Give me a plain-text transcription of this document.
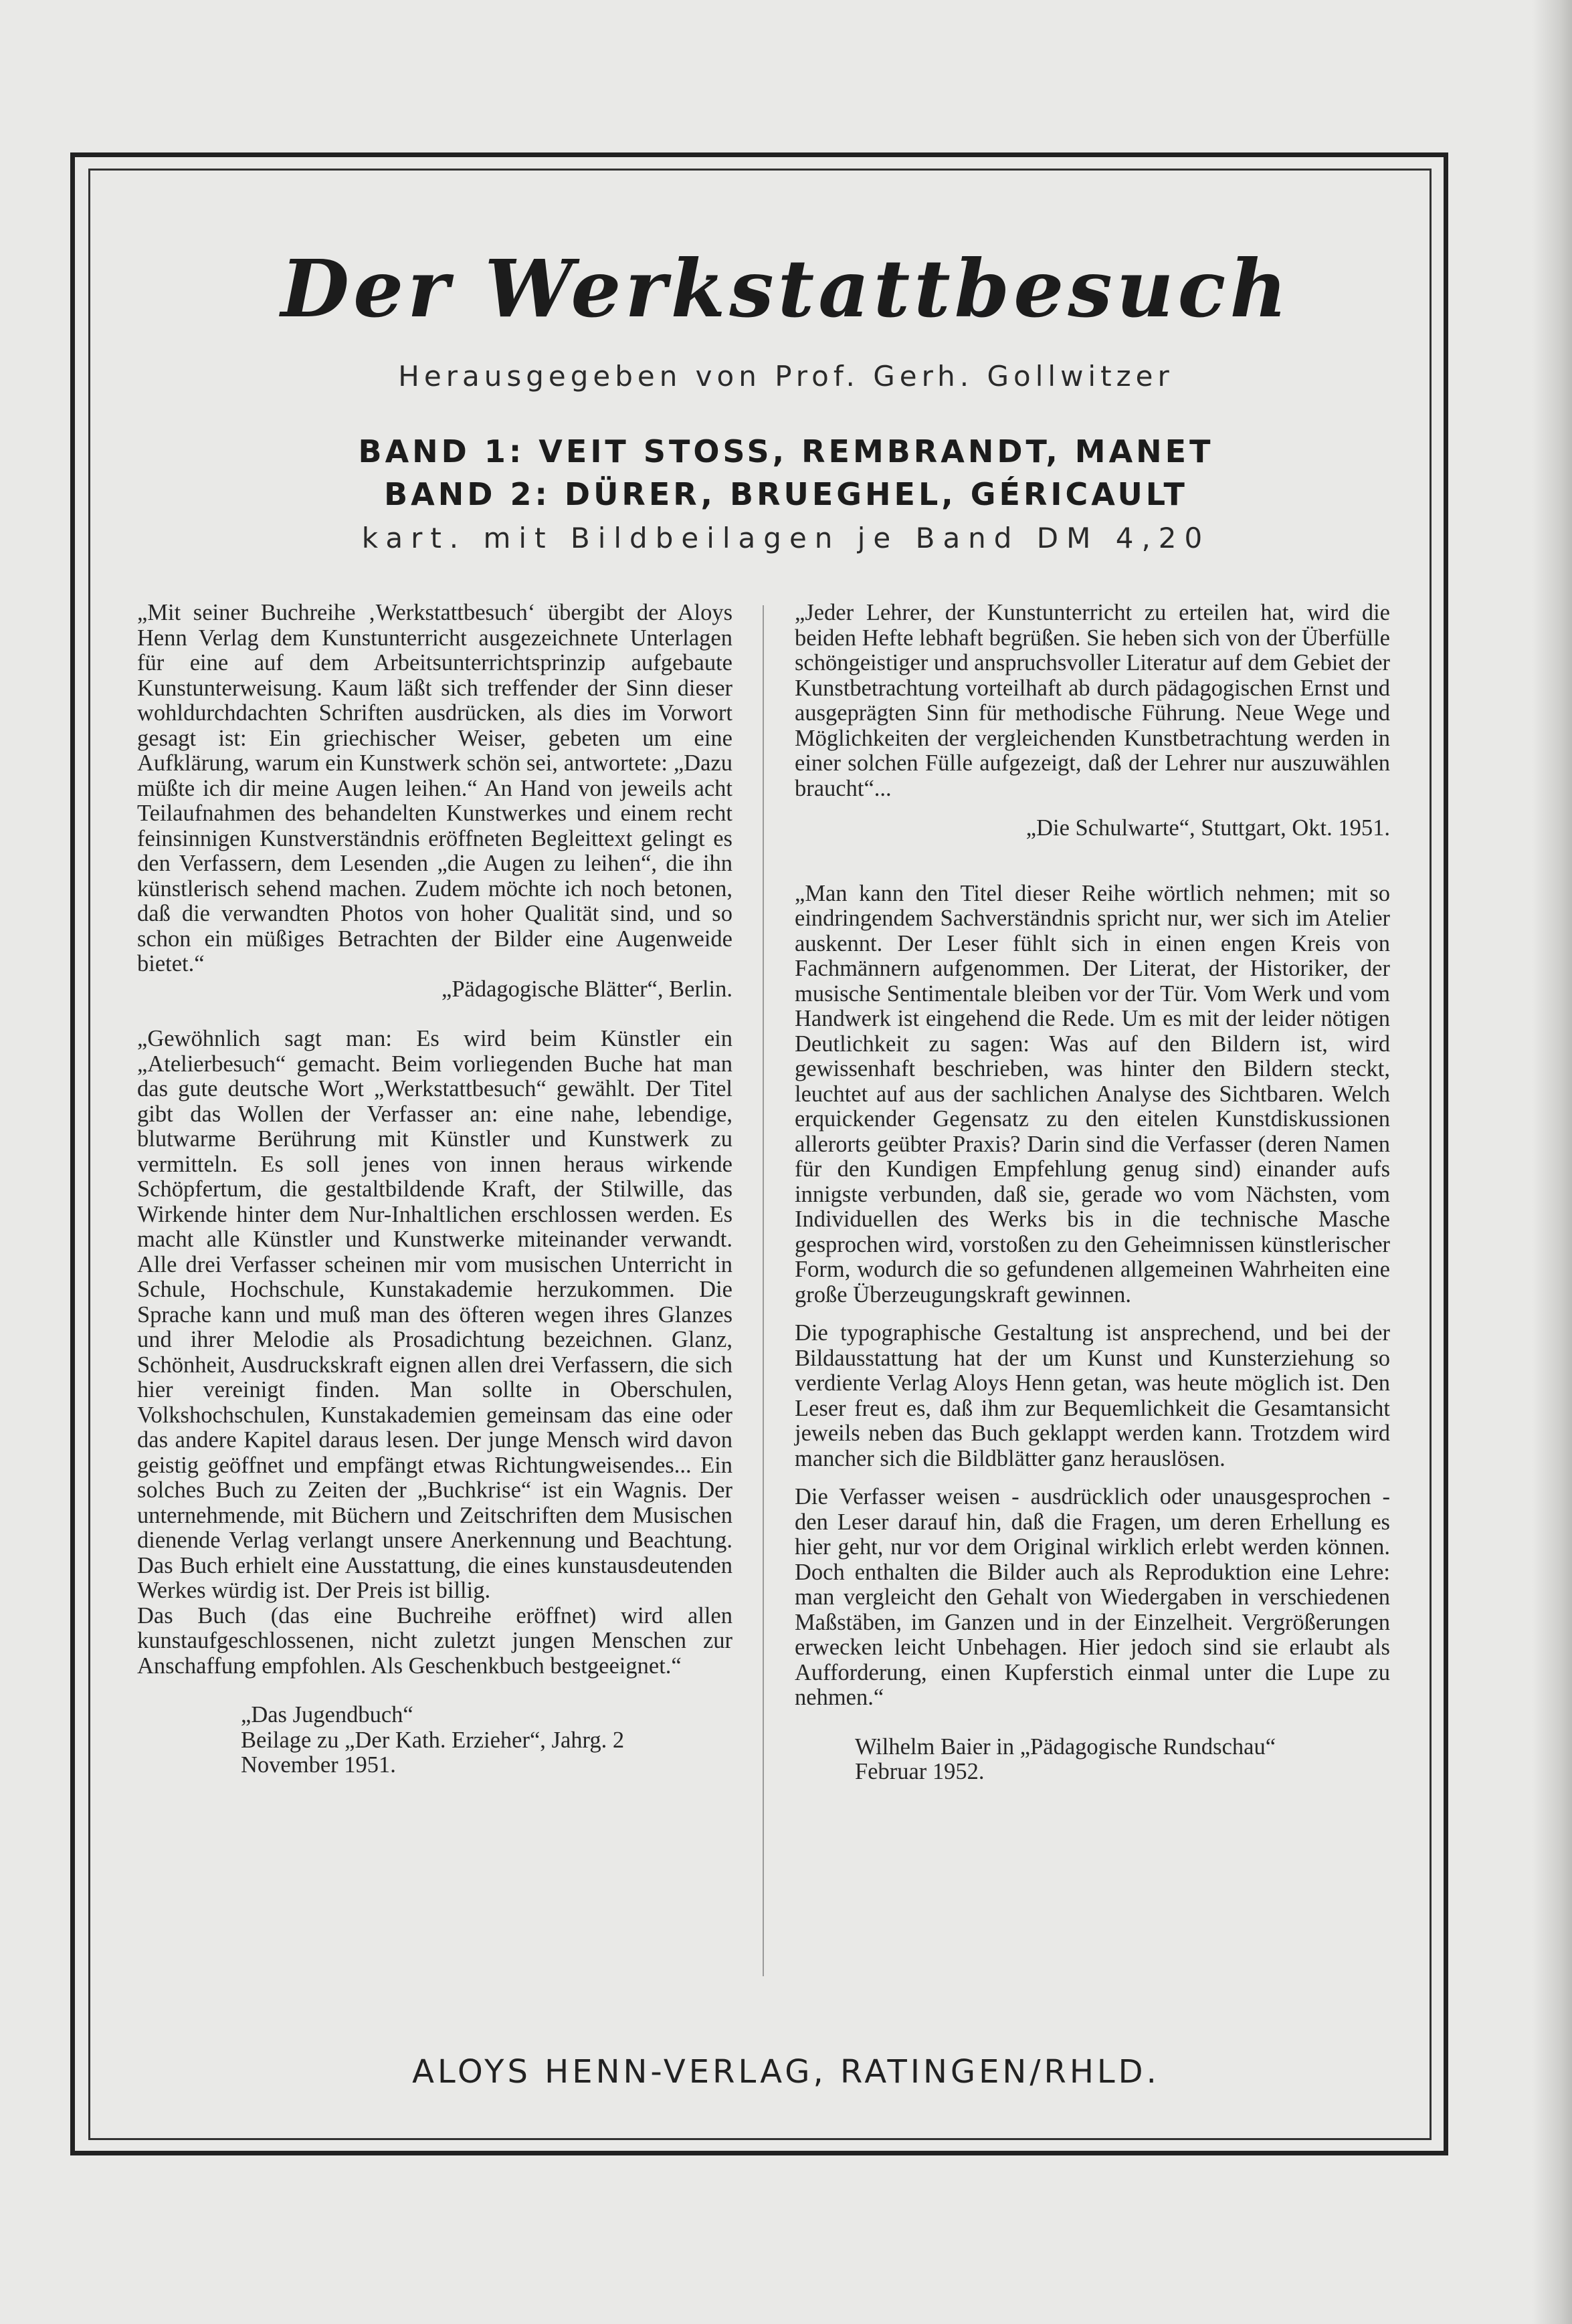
Der Werkstattbesuch
Herausgegeben von Prof. Gerh. Gollwitzer
BAND 1: VEIT STOSS, REMBRANDT, MANET
BAND 2: DÜRER, BRUEGHEL, GÉRICAULT
kart. mit Bildbeilagen je Band DM 4,20

„Mit seiner Buchreihe ‚Werkstattbesuch‘ übergibt der Aloys Henn Verlag dem Kunstunterricht ausgezeichnete Unterlagen für eine auf dem Arbeitsunterrichtsprinzip aufgebaute Kunstunterweisung. Kaum läßt sich treffender der Sinn dieser wohldurchdachten Schriften ausdrücken, als dies im Vorwort gesagt ist: Ein griechischer Weiser, gebeten um eine Aufklärung, warum ein Kunstwerk schön sei, antwortete: „Dazu müßte ich dir meine Augen leihen.“ An Hand von jeweils acht Teilaufnahmen des behandelten Kunstwerkes und einem recht feinsinnigen Kunstverständnis eröffneten Begleittext gelingt es den Verfassern, dem Lesenden „die Augen zu leihen“, die ihn künstlerisch sehend machen. Zudem möchte ich noch betonen, daß die verwandten Photos von hoher Qualität sind, und so schon ein müßiges Betrachten der Bilder eine Augenweide bietet.“

„Pädagogische Blätter“, Berlin.

„Gewöhnlich sagt man: Es wird beim Künstler ein „Atelierbesuch“ gemacht. Beim vorliegenden Buche hat man das gute deutsche Wort „Werkstattbesuch“ gewählt. Der Titel gibt das Wollen der Verfasser an: eine nahe, lebendige, blutwarme Berührung mit Künstler und Kunstwerk zu vermitteln. Es soll jenes von innen heraus wirkende Schöpfertum, die gestaltbildende Kraft, der Stilwille, das Wirkende hinter dem Nur-Inhaltlichen erschlossen werden. Es macht alle Künstler und Kunstwerke miteinander verwandt. Alle drei Verfasser scheinen mir vom musischen Unterricht in Schule, Hochschule, Kunstakademie herzukommen. Die Sprache kann und muß man des öfteren wegen ihres Glanzes und ihrer Melodie als Prosadichtung bezeichnen. Glanz, Schönheit, Ausdruckskraft eignen allen drei Verfassern, die sich hier vereinigt finden. Man sollte in Oberschulen, Volkshochschulen, Kunstakademien gemeinsam das eine oder das andere Kapitel daraus lesen. Der junge Mensch wird davon geistig geöffnet und empfängt etwas Richtungweisendes... Ein solches Buch zu Zeiten der „Buchkrise“ ist ein Wagnis. Der unternehmende, mit Büchern und Zeitschriften dem Musischen dienende Verlag verlangt unsere Anerkennung und Beachtung. Das Buch erhielt eine Ausstattung, die eines kunstausdeutenden Werkes würdig ist. Der Preis ist billig.

Das Buch (das eine Buchreihe eröffnet) wird allen kunstaufgeschlossenen, nicht zuletzt jungen Menschen zur Anschaffung empfohlen. Als Geschenkbuch bestgeeignet.“

„Das Jugendbuch“
Beilage zu „Der Kath. Erzieher“, Jahrg. 2
November 1951.

„Jeder Lehrer, der Kunstunterricht zu erteilen hat, wird die beiden Hefte lebhaft begrüßen. Sie heben sich von der Überfülle schöngeistiger und anspruchsvoller Literatur auf dem Gebiet der Kunstbetrachtung vorteilhaft ab durch pädagogischen Ernst und ausgeprägten Sinn für methodische Führung. Neue Wege und Möglichkeiten der vergleichenden Kunstbetrachtung werden in einer solchen Fülle aufgezeigt, daß der Lehrer nur auszuwählen braucht“...

„Die Schulwarte“, Stuttgart, Okt. 1951.

„Man kann den Titel dieser Reihe wörtlich nehmen; mit so eindringendem Sachverständnis spricht nur, wer sich im Atelier auskennt. Der Leser fühlt sich in einen engen Kreis von Fachmännern aufgenommen. Der Literat, der Historiker, der musische Sentimentale bleiben vor der Tür. Vom Werk und vom Handwerk ist eingehend die Rede. Um es mit der leider nötigen Deutlichkeit zu sagen: Was auf den Bildern ist, wird gewissenhaft beschrieben, was hinter den Bildern steckt, leuchtet auf aus der sachlichen Analyse des Sichtbaren. Welch erquickender Gegensatz zu den eitelen Kunstdiskussionen allerorts geübter Praxis? Darin sind die Verfasser (deren Namen für den Kundigen Empfehlung genug sind) einander aufs innigste verbunden, daß sie, gerade wo vom Nächsten, vom Individuellen des Werks bis in die technische Masche gesprochen wird, vorstoßen zu den Geheimnissen künstlerischer Form, wodurch die so gefundenen allgemeinen Wahrheiten eine große Überzeugungskraft gewinnen.

Die typographische Gestaltung ist ansprechend, und bei der Bildausstattung hat der um Kunst und Kunsterziehung so verdiente Verlag Aloys Henn getan, was heute möglich ist. Den Leser freut es, daß ihm zur Bequemlichkeit die Gesamtansicht jeweils neben das Buch geklappt werden kann. Trotzdem wird mancher sich die Bildblätter ganz herauslösen.

Die Verfasser weisen - ausdrücklich oder unausgesprochen - den Leser darauf hin, daß die Fragen, um deren Erhellung es hier geht, nur vor dem Original wirklich erlebt werden können. Doch enthalten die Bilder auch als Reproduktion eine Lehre: man vergleicht den Gehalt von Wiedergaben in verschiedenen Maßstäben, im Ganzen und in der Einzelheit. Vergrößerungen erwecken leicht Unbehagen. Hier jedoch sind sie erlaubt als Aufforderung, einen Kupferstich einmal unter die Lupe zu nehmen.“

Wilhelm Baier in „Pädagogische Rundschau“
Februar 1952.
ALOYS HENN-VERLAG, RATINGEN/RHLD.
